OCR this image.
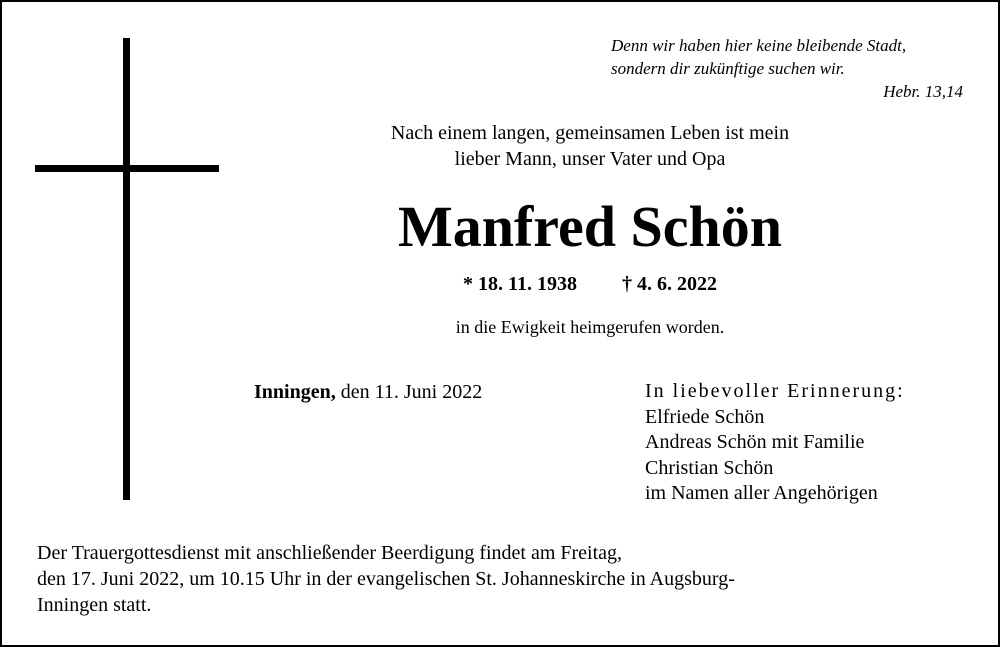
Denn wir haben hier keine bleibende Stadt,
sondern dir zukünftige suchen wir.
Hebr. 13,14
Nach einem langen, gemeinsamen Leben ist mein
lieber Mann, unser Vater und Opa
Manfred Schön
* 18. 11. 1938 † 4. 6. 2022
in die Ewigkeit heimgerufen worden.
Inningen, den 11. Juni 2022	In liebevoller Erinnerung:
Elfriede Schön
Andreas Schön mit Familie
Christian Schön
im Namen aller Angehörigen
Der Trauergottesdienst mit anschließender Beerdigung findet am Freitag,
den 17. Juni 2022, um 10.15 Uhr in der evangelischen St. Johanneskirche in Augsburg-
Inningen statt.
